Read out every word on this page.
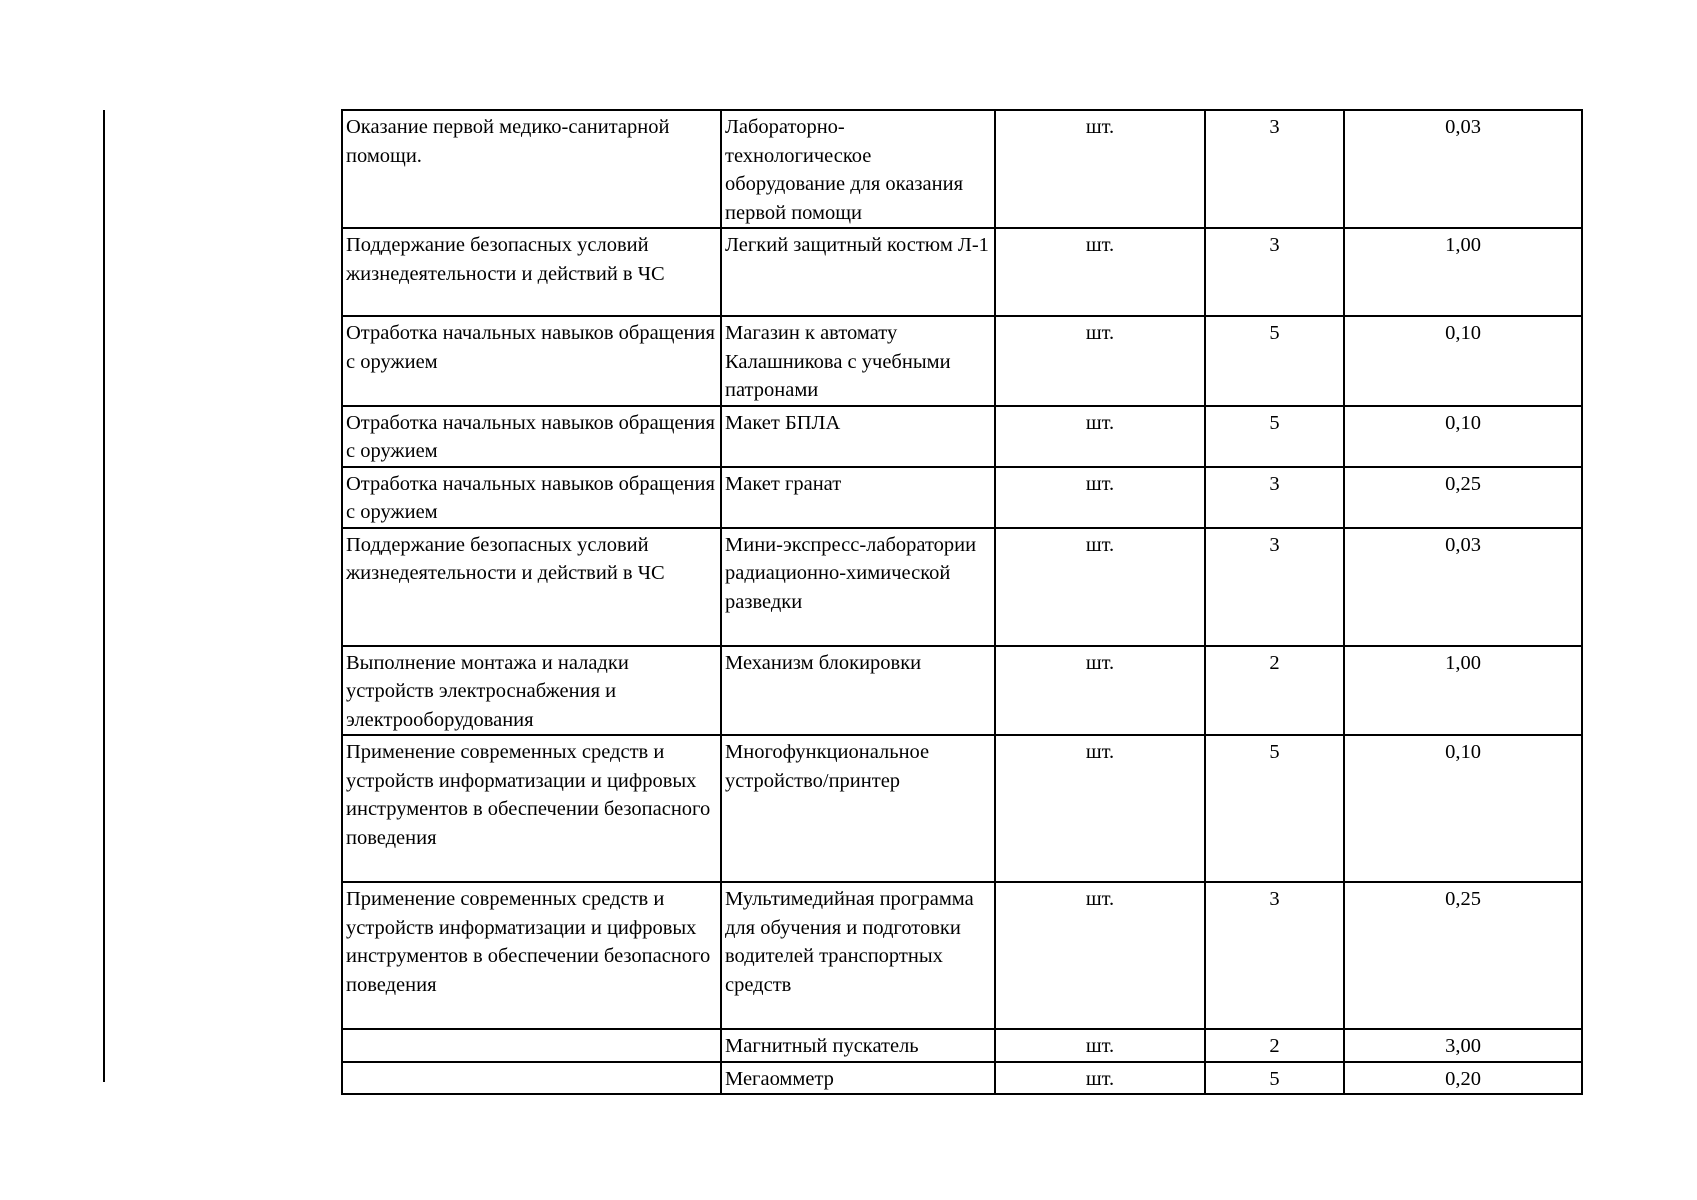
Оказание первой медико-санитарной помощи.	Лабораторно-технологическое оборудование для оказания первой помощи	шт.	3	0,03
Поддержание безопасных условий жизнедеятельности и действий в ЧС	Легкий защитный костюм Л-1	шт.	3	1,00
Отработка начальных навыков обращения с оружием	Магазин к автомату Калашникова с учебными патронами	шт.	5	0,10
Отработка начальных навыков обращения с оружием	Макет БПЛА	шт.	5	0,10
Отработка начальных навыков обращения с оружием	Макет гранат	шт.	3	0,25
Поддержание безопасных условий жизнедеятельности и действий в ЧС	Мини-экспресс-лаборатории радиационно-химической разведки	шт.	3	0,03
Выполнение монтажа и наладки устройств электроснабжения и электрооборудования	Механизм блокировки	шт.	2	1,00
Применение современных средств и устройств информатизации и цифровых инструментов в обеспечении безопасного поведения	Многофункциональное устройство/принтер	шт.	5	0,10
Применение современных средств и устройств информатизации и цифровых инструментов в обеспечении безопасного поведения	Мультимедийная программа для обучения и подготовки водителей транспортных средств	шт.	3	0,25
	Магнитный пускатель	шт.	2	3,00
	Мегаомметр	шт.	5	0,20
